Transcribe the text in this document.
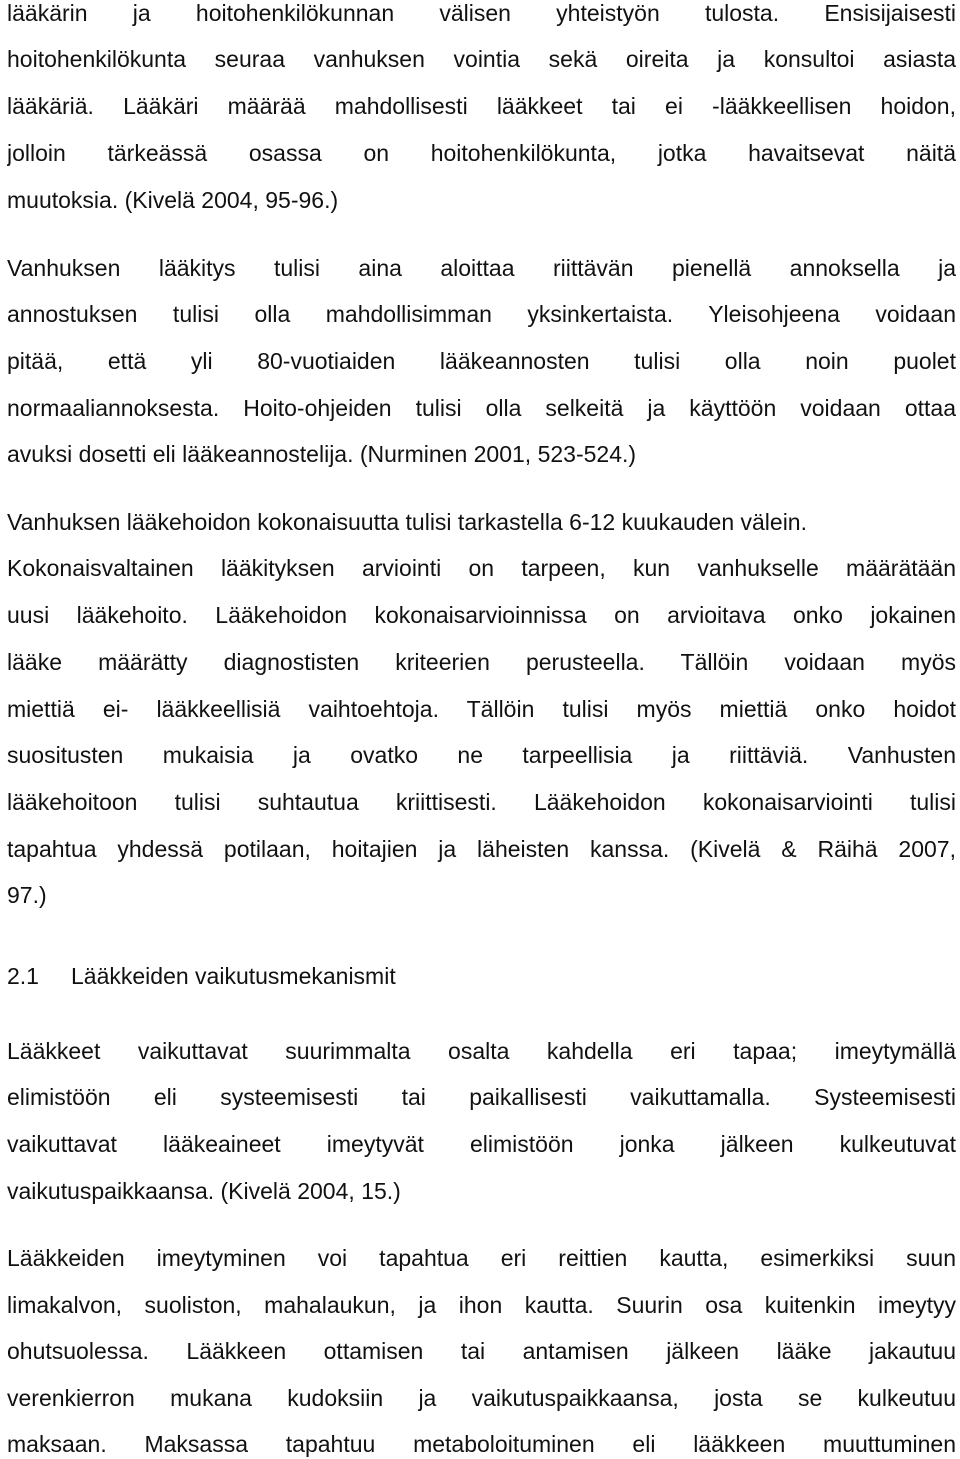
lääkärin ja hoitohenkilökunnan välisen yhteistyön tulosta. Ensisijaisesti
hoitohenkilökunta seuraa vanhuksen vointia sekä oireita ja konsultoi asiasta
lääkäriä. Lääkäri määrää mahdollisesti lääkkeet tai ei -lääkkeellisen hoidon,
jolloin tärkeässä osassa on hoitohenkilökunta, jotka havaitsevat näitä
muutoksia. (Kivelä 2004, 95-96.)
Vanhuksen lääkitys tulisi aina aloittaa riittävän pienellä annoksella ja
annostuksen tulisi olla mahdollisimman yksinkertaista. Yleisohjeena voidaan
pitää, että yli 80-vuotiaiden lääkeannosten tulisi olla noin puolet
normaaliannoksesta. Hoito-ohjeiden tulisi olla selkeitä ja käyttöön voidaan ottaa
avuksi dosetti eli lääkeannostelija. (Nurminen 2001, 523-524.)
Vanhuksen lääkehoidon kokonaisuutta tulisi tarkastella 6-12 kuukauden välein.
Kokonaisvaltainen lääkityksen arviointi on tarpeen, kun vanhukselle määrätään
uusi lääkehoito. Lääkehoidon kokonaisarvioinnissa on arvioitava onko jokainen
lääke määrätty diagnostisten kriteerien perusteella. Tällöin voidaan myös
miettiä ei- lääkkeellisiä vaihtoehtoja. Tällöin tulisi myös miettiä onko hoidot
suositusten mukaisia ja ovatko ne tarpeellisia ja riittäviä. Vanhusten
lääkehoitoon tulisi suhtautua kriittisesti. Lääkehoidon kokonaisarviointi tulisi
tapahtua yhdessä potilaan, hoitajien ja läheisten kanssa. (Kivelä & Räihä 2007,
97.)
2.1 Lääkkeiden vaikutusmekanismit
Lääkkeet vaikuttavat suurimmalta osalta kahdella eri tapaa; imeytymällä
elimistöön eli systeemisesti tai paikallisesti vaikuttamalla. Systeemisesti
vaikuttavat lääkeaineet imeytyvät elimistöön jonka jälkeen kulkeutuvat
vaikutuspaikkaansa. (Kivelä 2004, 15.)
Lääkkeiden imeytyminen voi tapahtua eri reittien kautta, esimerkiksi suun
limakalvon, suoliston, mahalaukun, ja ihon kautta. Suurin osa kuitenkin imeytyy
ohutsuolessa. Lääkkeen ottamisen tai antamisen jälkeen lääke jakautuu
verenkierron mukana kudoksiin ja vaikutuspaikkaansa, josta se kulkeutuu
maksaan. Maksassa tapahtuu metaboloituminen eli lääkkeen muuttuminen
